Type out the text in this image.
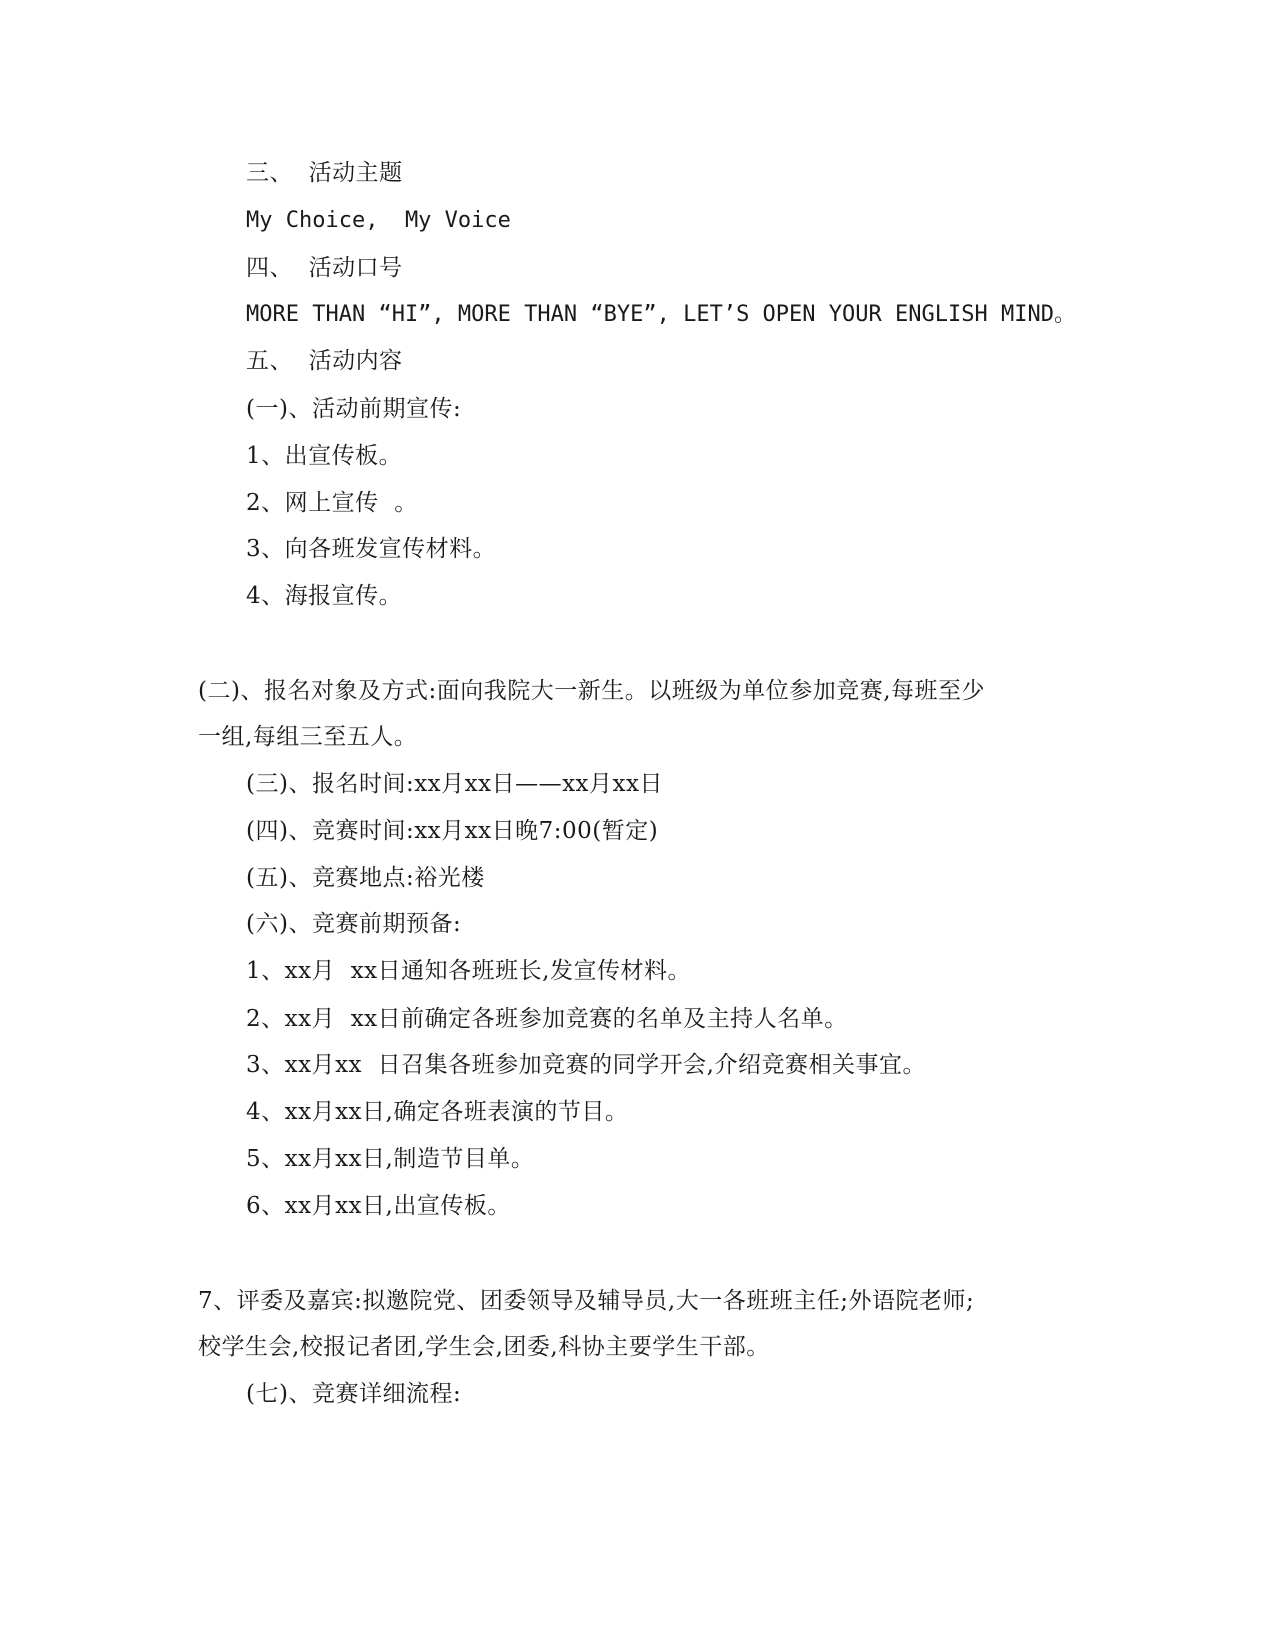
三、  活动主题
My Choice,  My Voice
四、  活动口号
MORE THAN “HI”, MORE THAN “BYE”, LET’S OPEN YOUR ENGLISH MIND。
五、  活动内容
(一)、活动前期宣传:
1、出宣传板。
2、网上宣传  。
3、向各班发宣传材料。
4、海报宣传。
(二)、报名对象及方式:面向我院大一新生。以班级为单位参加竞赛,每班至少
一组,每组三至五人。
(三)、报名时间:xx月xx日——xx月xx日
(四)、竞赛时间:xx月xx日晚7:00(暂定)
(五)、竞赛地点:裕光楼
(六)、竞赛前期预备:
1、xx月  xx日通知各班班长,发宣传材料。
2、xx月  xx日前确定各班参加竞赛的名单及主持人名单。
3、xx月xx  日召集各班参加竞赛的同学开会,介绍竞赛相关事宜。
4、xx月xx日,确定各班表演的节目。
5、xx月xx日,制造节目单。
6、xx月xx日,出宣传板。
7、评委及嘉宾:拟邀院党、团委领导及辅导员,大一各班班主任;外语院老师;
校学生会,校报记者团,学生会,团委,科协主要学生干部。
(七)、竞赛详细流程:
